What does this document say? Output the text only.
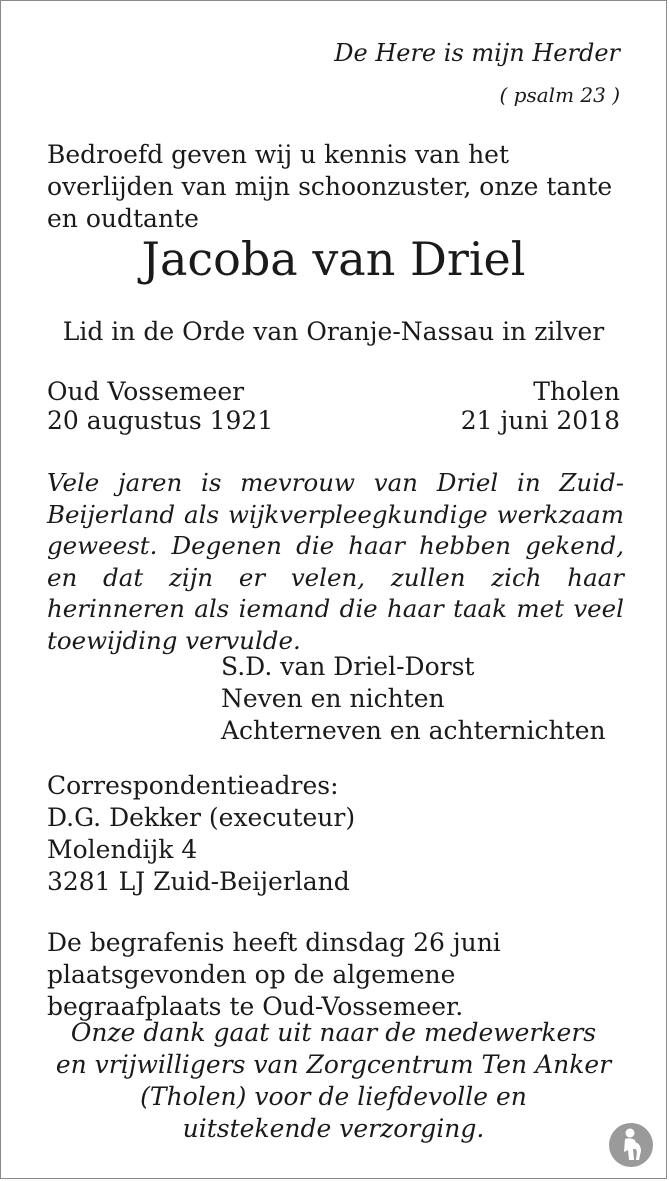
De Here is mijn Herder
( psalm 23 )
Bedroefd geven wij u kennis van het overlijden van mijn schoonzuster, onze tante en oudtante
Jacoba van Driel
Lid in de Orde van Oranje-Nassau in zilver
Oud Vossemeer	Tholen
20 augustus 1921	21 juni 2018
Vele jaren is mevrouw van Driel in Zuid-Beijerland als wijkverpleegkundige werkzaam geweest. Degenen die haar hebben gekend, en dat zijn er velen, zullen zich haar herinneren als iemand die haar taak met veel toewijding vervulde.
S.D. van Driel-Dorst
Neven en nichten
Achterneven en achternichten
Correspondentieadres:
D.G. Dekker (executeur)
Molendijk 4
3281 LJ Zuid-Beijerland
De begrafenis heeft dinsdag 26 juni plaatsgevonden op de algemene begraafplaats te Oud-Vossemeer.
Onze dank gaat uit naar de medewerkers
en vrijwilligers van Zorgcentrum Ten Anker
(Tholen) voor de liefdevolle en
uitstekende verzorging.
